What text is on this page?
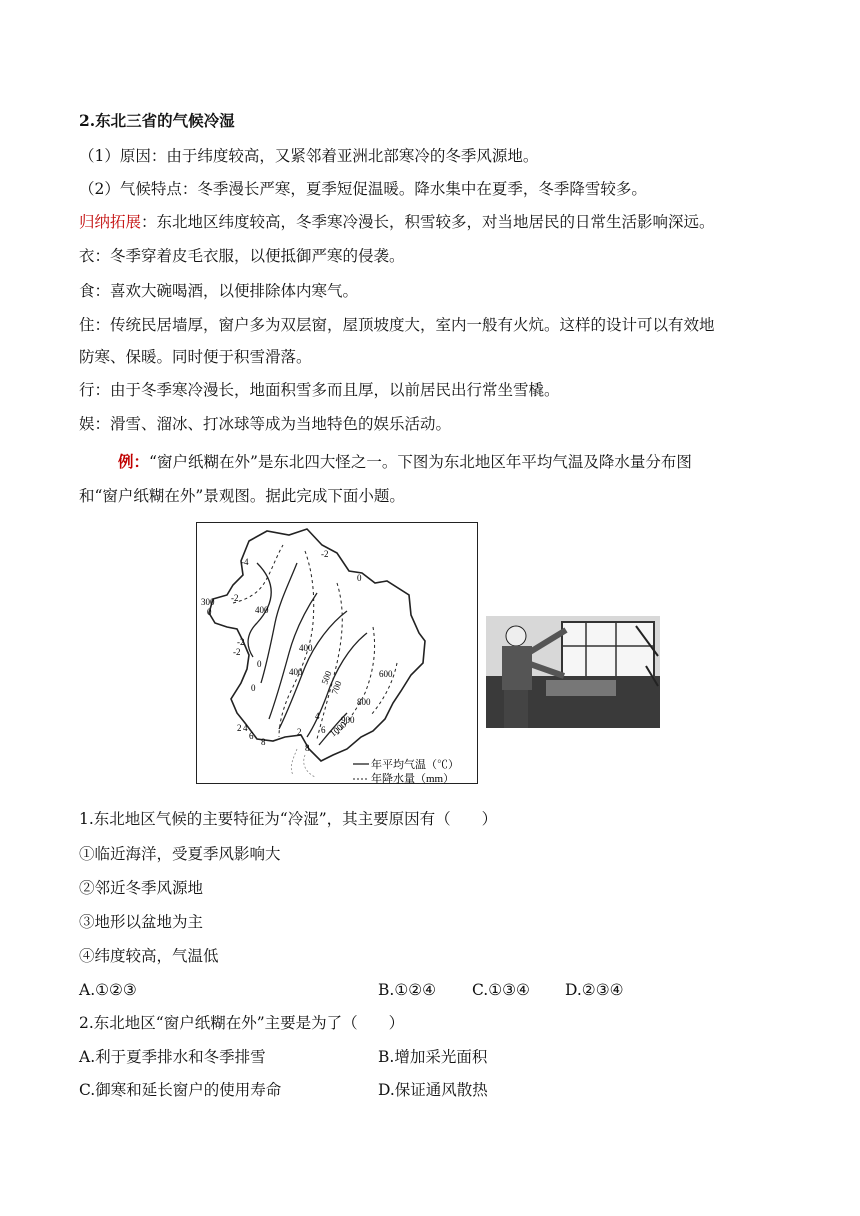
2.东北三省的气候冷湿
（1）原因：由于纬度较高，又紧邻着亚洲北部寒冷的冬季风源地。
（2）气候特点：冬季漫长严寒，夏季短促温暖。降水集中在夏季，冬季降雪较多。
归纳拓展：东北地区纬度较高，冬季寒冷漫长，积雪较多，对当地居民的日常生活影响深远。
衣：冬季穿着皮毛衣服，以便抵御严寒的侵袭。
食：喜欢大碗喝酒，以便排除体内寒气。
住：传统民居墙厚，窗户多为双层窗，屋顶坡度大，室内一般有火炕。这样的设计可以有效地
防寒、保暖。同时便于积雪滑落。
行：由于冬季寒冷漫长，地面积雪多而且厚，以前居民出行常坐雪橇。
娱：滑雪、溜冰、打冰球等成为当地特色的娱乐活动。
例：“窗户纸糊在外”是东北四大怪之一。下图为东北地区年平均气温及降水量分布图
和“窗户纸糊在外”景观图。据此完成下面小题。
-4
-2
0
-2
-2
0
0
-2
2 4
6
8
2
4
6
8
0
300
400
400
400 500
700
600
800
900
1000
年平均气温（℃）
年降水量（mm）
1.东北地区气候的主要特征为“冷湿”，其主要原因有（　　）
①临近海洋，受夏季风影响大
②邻近冬季风源地
③地形以盆地为主
④纬度较高，气温低
A.①②③	B.①②④ C.①③④ D.②③④
2.东北地区“窗户纸糊在外”主要是为了（　　）
A.利于夏季排水和冬季排雪	B.增加采光面积
C.御寒和延长窗户的使用寿命	D.保证通风散热
